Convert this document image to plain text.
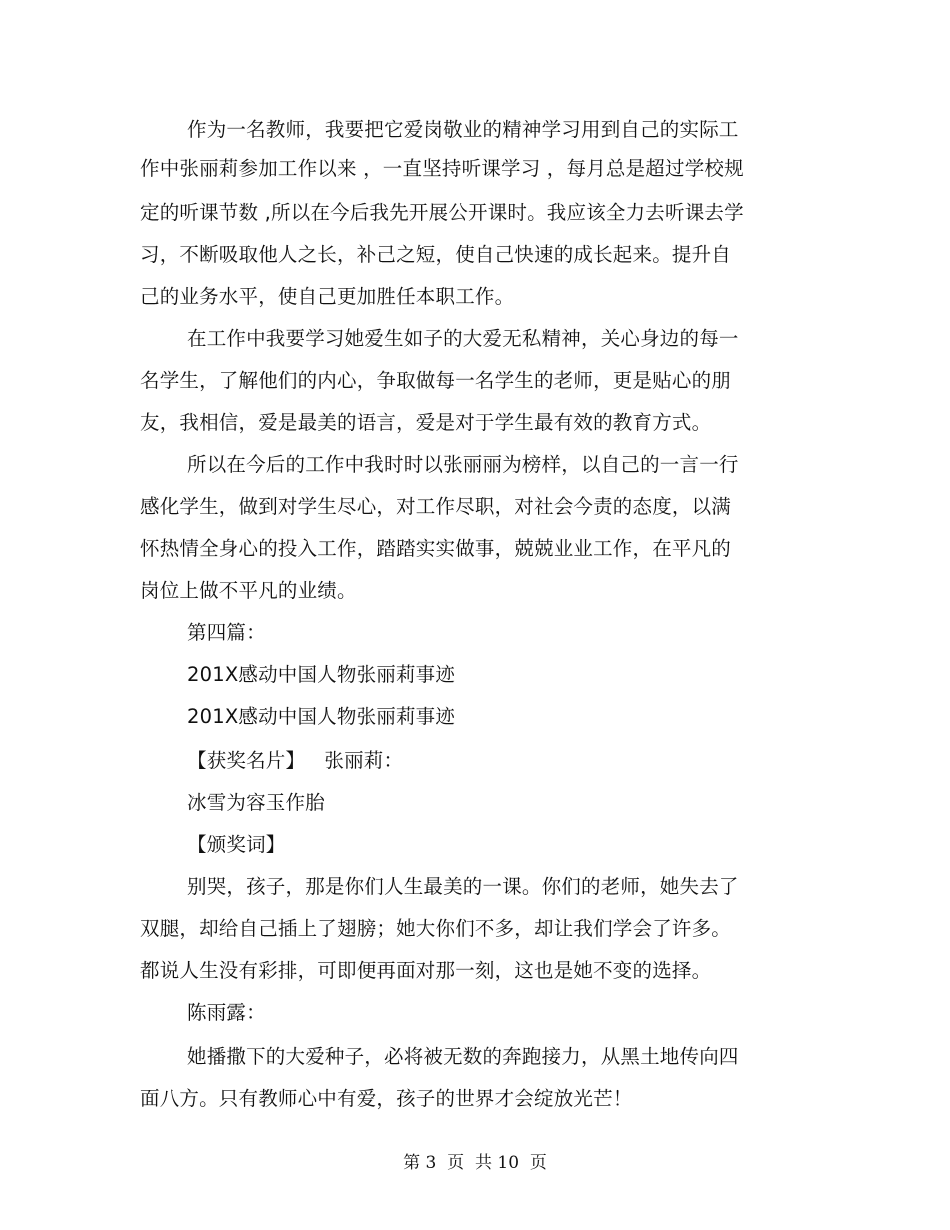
作为一名教师，我要把它爱岗敬业的精神学习用到自己的实际工
作中张丽莉参加工作以来 ，一直坚持听课学习 ，每月总是超过学校规
定的听课节数 ,所以在今后我先开展公开课时。我应该全力去听课去学
习，不断吸取他人之长，补己之短，使自己快速的成长起来。提升自
己的业务水平，使自己更加胜任本职工作。
在工作中我要学习她爱生如子的大爱无私精神，关心身边的每一
名学生，了解他们的内心，争取做每一名学生的老师，更是贴心的朋
友，我相信，爱是最美的语言，爱是对于学生最有效的教育方式。
所以在今后的工作中我时时以张丽丽为榜样，以自己的一言一行
感化学生，做到对学生尽心，对工作尽职，对社会今责的态度，以满
怀热情全身心的投入工作，踏踏实实做事，兢兢业业工作，在平凡的
岗位上做不平凡的业绩。
第四篇：
201X感动中国人物张丽莉事迹
201X感动中国人物张丽莉事迹
【获奖名片】   张丽莉：
冰雪为容玉作胎
【颁奖词】
别哭，孩子，那是你们人生最美的一课。你们的老师，她失去了
双腿，却给自己插上了翅膀；她大你们不多，却让我们学会了许多。
都说人生没有彩排，可即便再面对那一刻，这也是她不变的选择。
陈雨露：
她播撒下的大爱种子，必将被无数的奔跑接力，从黑土地传向四
面八方。只有教师心中有爱，孩子的世界才会绽放光芒！
第 3  页  共 10  页
